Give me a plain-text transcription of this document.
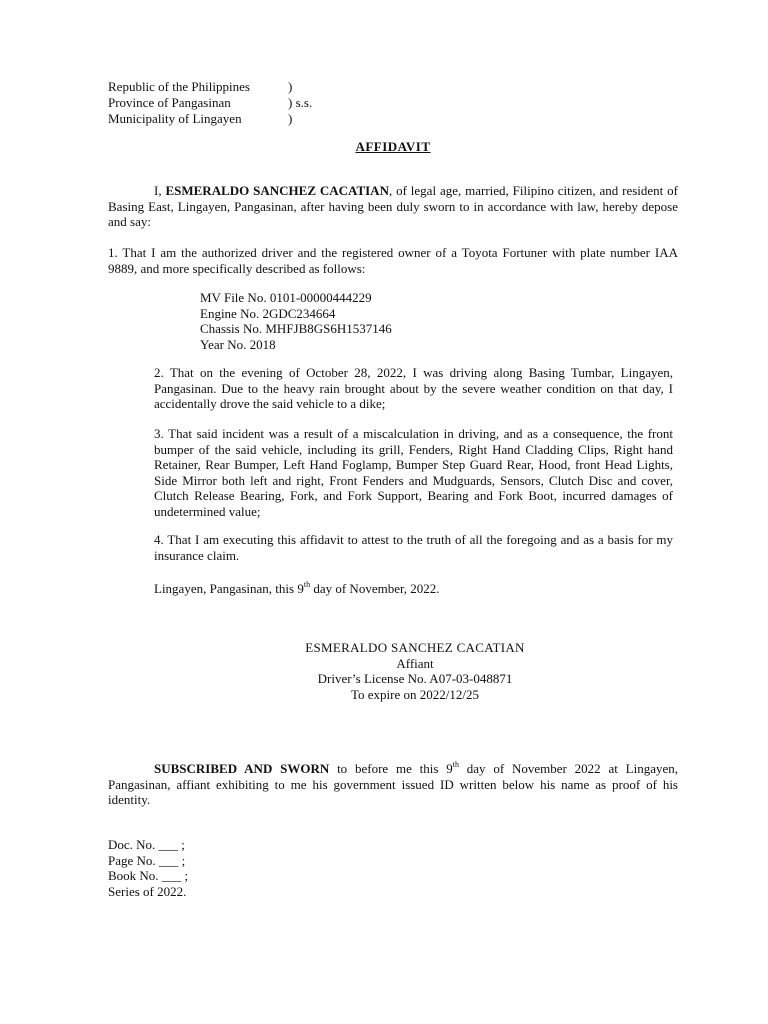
Republic of the Philippines	)
Province of Pangasinan	) s.s.
Municipality of Lingayen	)
AFFIDAVIT

I, ESMERALDO SANCHEZ CACATIAN, of legal age, married, Filipino citizen, and resident of Basing East, Lingayen, Pangasinan, after having been duly sworn to in accordance with law, hereby depose and say:

1. That I am the authorized driver and the registered owner of a Toyota Fortuner with plate number IAA 9889, and more specifically described as follows:

MV File No. 0101-00000444229
Engine No. 2GDC234664
Chassis No. MHFJB8GS6H1537146
Year No. 2018

2. That on the evening of October 28, 2022, I was driving along Basing Tumbar, Lingayen, Pangasinan. Due to the heavy rain brought about by the severe weather condition on that day, I accidentally drove the said vehicle to a dike;

3. That said incident was a result of a miscalculation in driving, and as a consequence, the front bumper of the said vehicle, including its grill, Fenders, Right Hand Cladding Clips, Right hand Retainer, Rear Bumper, Left Hand Foglamp, Bumper Step Guard Rear, Hood, front Head Lights, Side Mirror both left and right, Front Fenders and Mudguards, Sensors, Clutch Disc and cover, Clutch Release Bearing, Fork, and Fork Support, Bearing and Fork Boot, incurred damages of undetermined value;

4. That I am executing this affidavit to attest to the truth of all the foregoing and as a basis for my insurance claim.

Lingayen, Pangasinan, this 9th day of November, 2022.
ESMERALDO SANCHEZ CACATIAN
Affiant
Driver’s License No. A07-03-048871
To expire on 2022/12/25

SUBSCRIBED AND SWORN to before me this 9th day of November 2022 at Lingayen, Pangasinan, affiant exhibiting to me his government issued ID written below his name as proof of his identity.

Doc. No. ___ ;
Page No. ___ ;
Book No. ___ ;
Series of 2022.
